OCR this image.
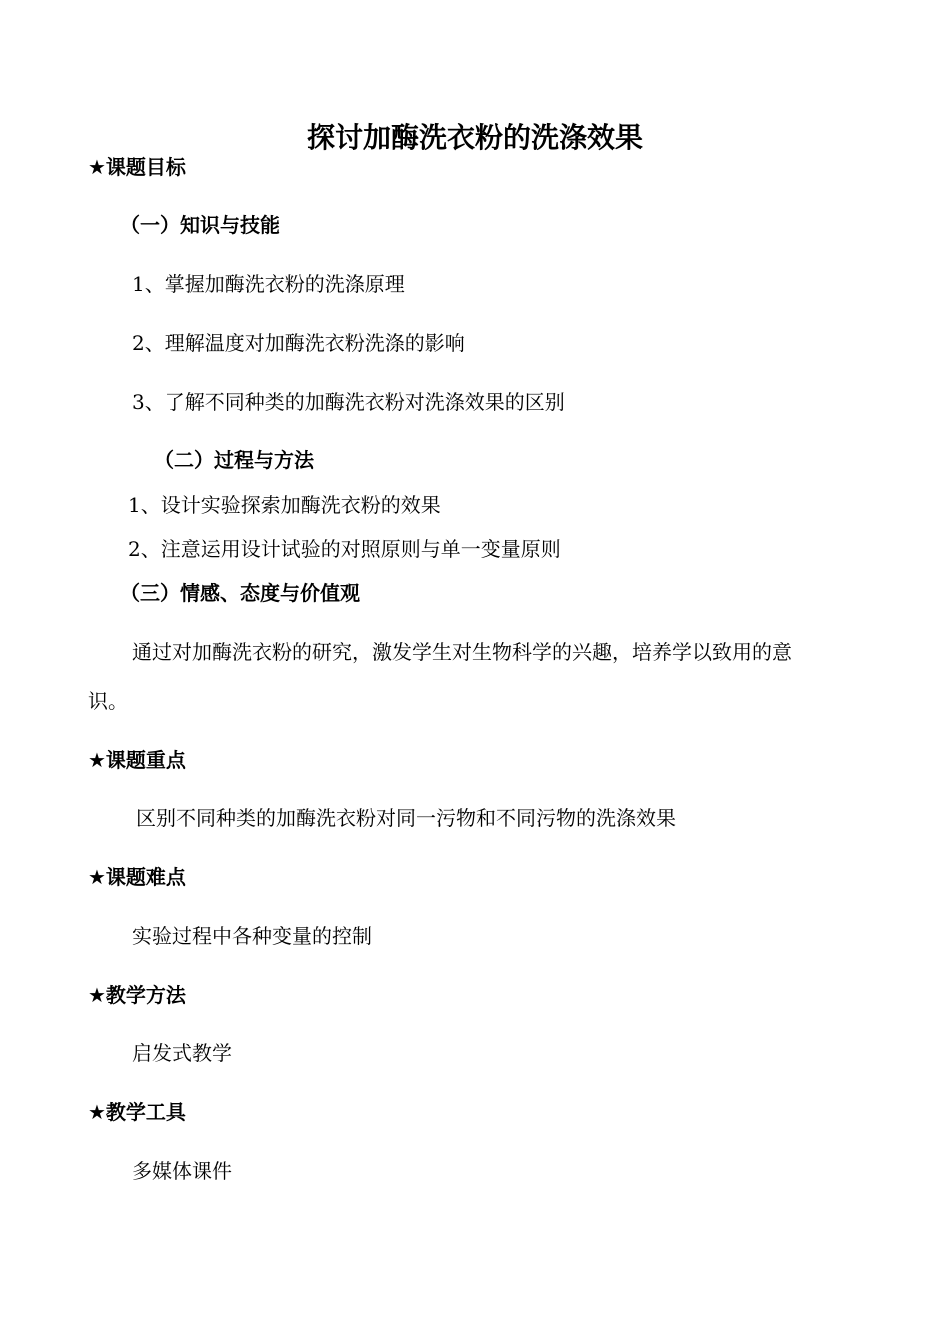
探讨加酶洗衣粉的洗涤效果
★课题目标
（一）知识与技能
1、掌握加酶洗衣粉的洗涤原理
2、理解温度对加酶洗衣粉洗涤的影响
3、了解不同种类的加酶洗衣粉对洗涤效果的区别
（二）过程与方法
1、设计实验探索加酶洗衣粉的效果
2、注意运用设计试验的对照原则与单一变量原则
（三）情感、态度与价值观
通过对加酶洗衣粉的研究，激发学生对生物科学的兴趣，培养学以致用的意
识。
★课题重点
区别不同种类的加酶洗衣粉对同一污物和不同污物的洗涤效果
★课题难点
实验过程中各种变量的控制
★教学方法
启发式教学
★教学工具
多媒体课件
